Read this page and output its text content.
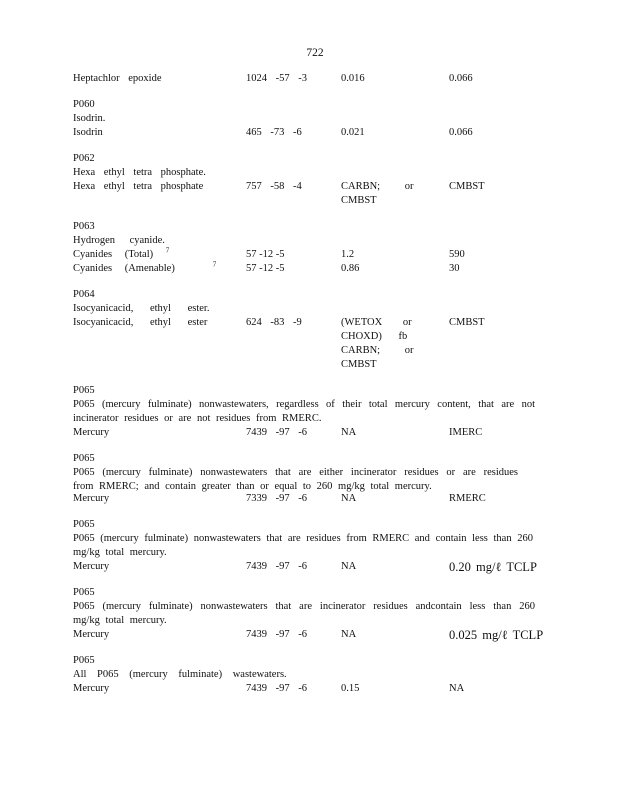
722
Heptachlor epoxide	1024 -57 -3	0.016	0.066
P060
Isodrin.
Isodrin	465 -73 -6	0.021	0.066
P062
Hexa ethyl tetra phosphate.
Hexa ethyl tetra phosphate	757 -58 -4	CARBN; or	CMBST
CMBST
P063
Hydrogen cyanide.
Cyanides (Total) $^7$	57 -12 -5	1.2	590
Cyanides (Amenable)	$^7$	57 -12 -5	0.86	30
P064
Isocyanicacid, ethyl ester.
Isocyanicacid, ethyl ester	624 -83 -9	(WETOX or	CMBST
CHOXD) fb
CARBN; or
CMBST
P065
P065 (mercury fulminate) nonwastewaters, regardless of their total mercury content, that are not incinerator residues or are not residues from RMERC.
Mercury	7439 -97 -6	NA	IMERC
P065
P065 (mercury fulminate) nonwastewaters that are either incinerator residues or are residues from RMERC; and contain greater than or equal to 260 mg/kg total mercury.
Mercury	7339 -97 -6	NA	RMERC
P065
P065 (mercury fulminate) nonwastewaters that are residues from RMERC and contain less than 260 mg/kg total mercury.
Mercury	7439 -97 -6	NA	0.20 mg/ℓ TCLP
P065
P065 (mercury fulminate) nonwastewaters that are incinerator residues andcontain less than 260 mg/kg total mercury.
Mercury	7439 -97 -6	NA	0.025 mg/ℓ TCLP
P065
All P065 (mercury fulminate) wastewaters.
Mercury	7439 -97 -6	0.15	NA
